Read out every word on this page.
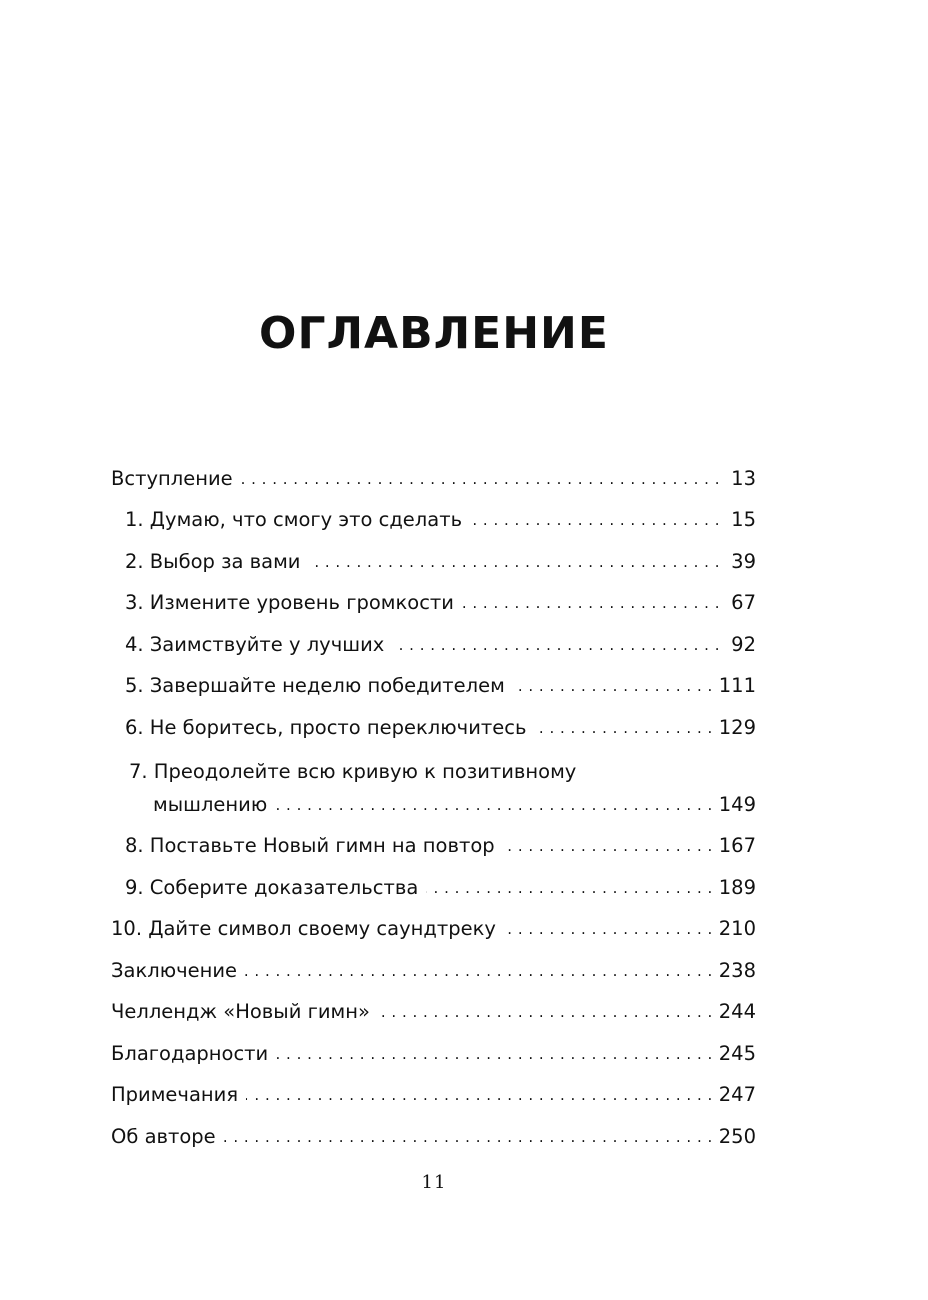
ОГЛАВЛЕНИЕ
Вступление . . .	13
1. Думаю, что смогу это сделать . . .	15
2. Выбор за вами . . .	39
3. Измените уровень громкости . . .	67
4. Заимствуйте у лучших . . .	92
5. Завершайте неделю победителем . . .	111
6. Не боритесь, просто переключитесь . . .	129
7. Преодолейте всю кривую к позитивному
мышлению . . .	149
8. Поставьте Новый гимн на повтор . . .	167
9. Соберите доказательства . . .	189
10. Дайте символ своему саундтреку . . .	210
Заключение . . .	238
Челлендж «Новый гимн» . . .	244
Благодарности . . .	245
Примечания . . .	247
Об авторе . . .	250
11
